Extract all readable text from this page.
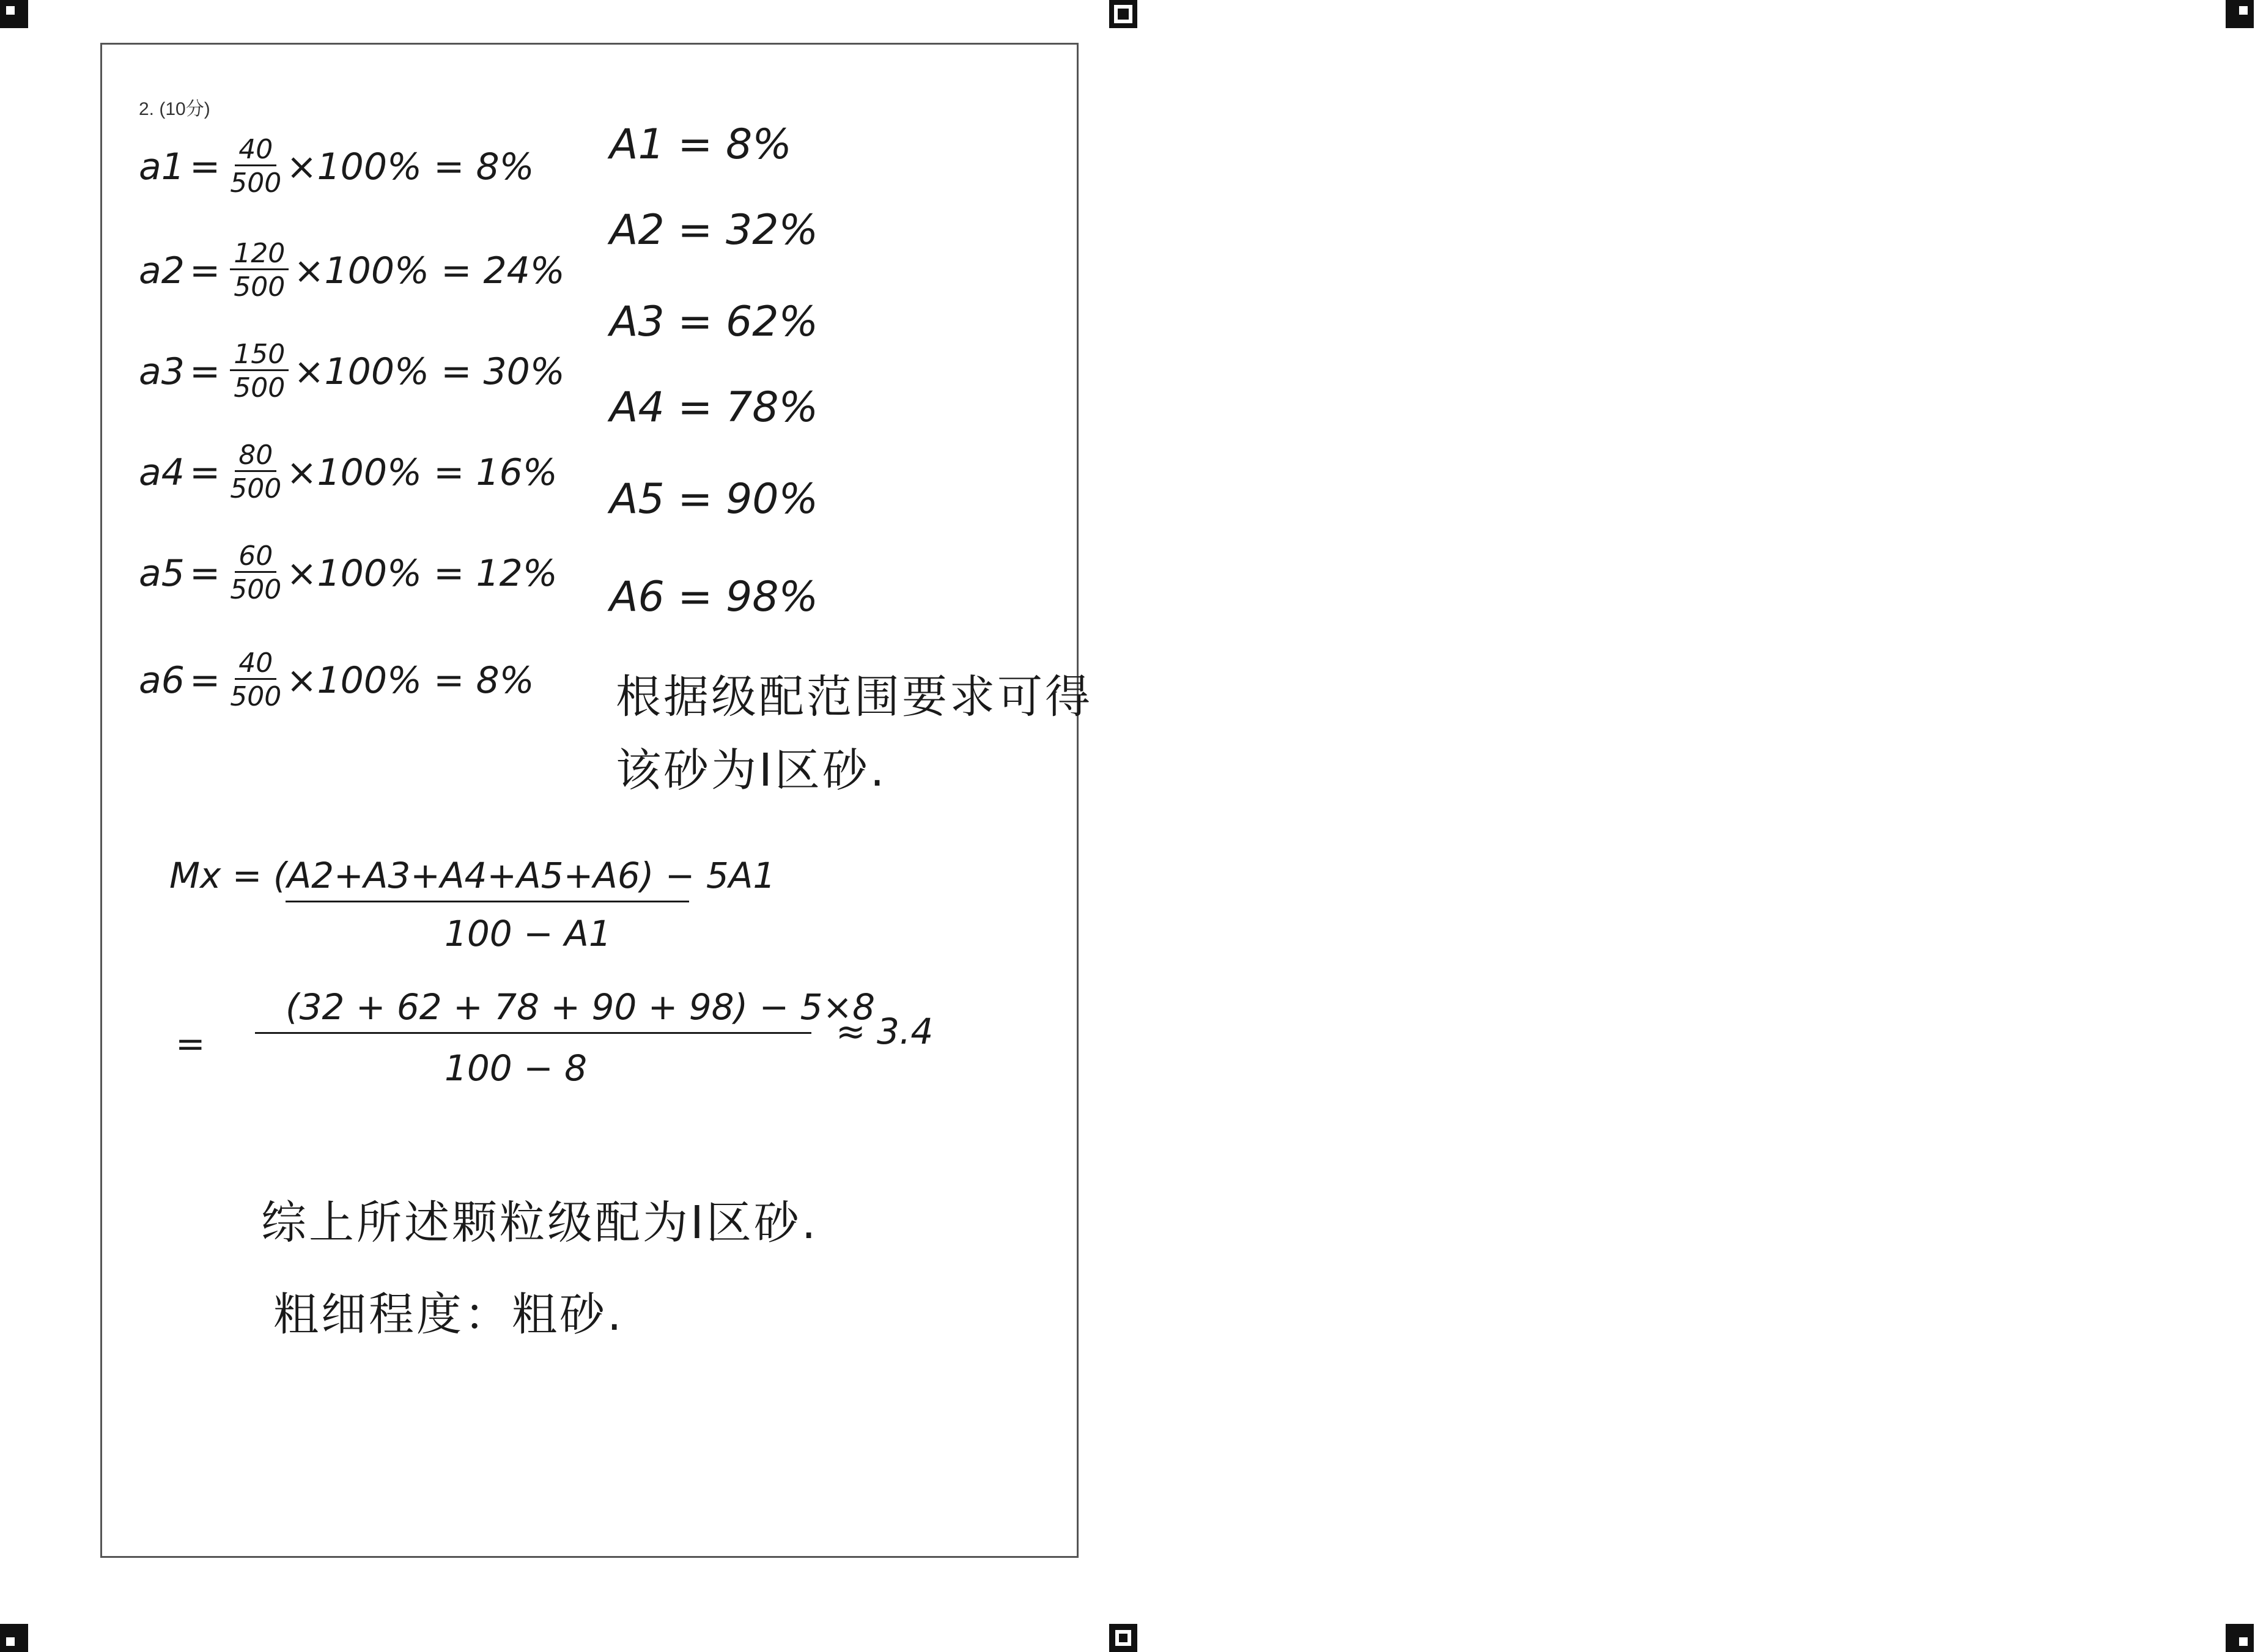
2. (10分)
$a1 = \frac{40}{500} \times 100\% = 8\%$
$a2 = \frac{120}{500} \times 100\% = 24\%$
$a3 = \frac{150}{500} \times 100\% = 30\%$
$a4 = \frac{80}{500} \times 100\% = 16\%$
$a5 = \frac{60}{500} \times 100\% = 12\%$
$a6 = \frac{40}{500} \times 100\% = 8\%$
A1 = 8%
A2 = 32%
A3 = 62%
A4 = 78%
A5 = 90%
A6 = 98%
根据级配范围要求可得
该砂为Ⅰ区砂.
Mx = (A2+A3+A4+A5+A6) − 5A1
100 − A1
=
(32 + 62 + 78 + 90 + 98) − 5×8
100 − 8
≈ 3.4
综上所述颗粒级配为Ⅰ区砂.
粗细程度：粗砂.
